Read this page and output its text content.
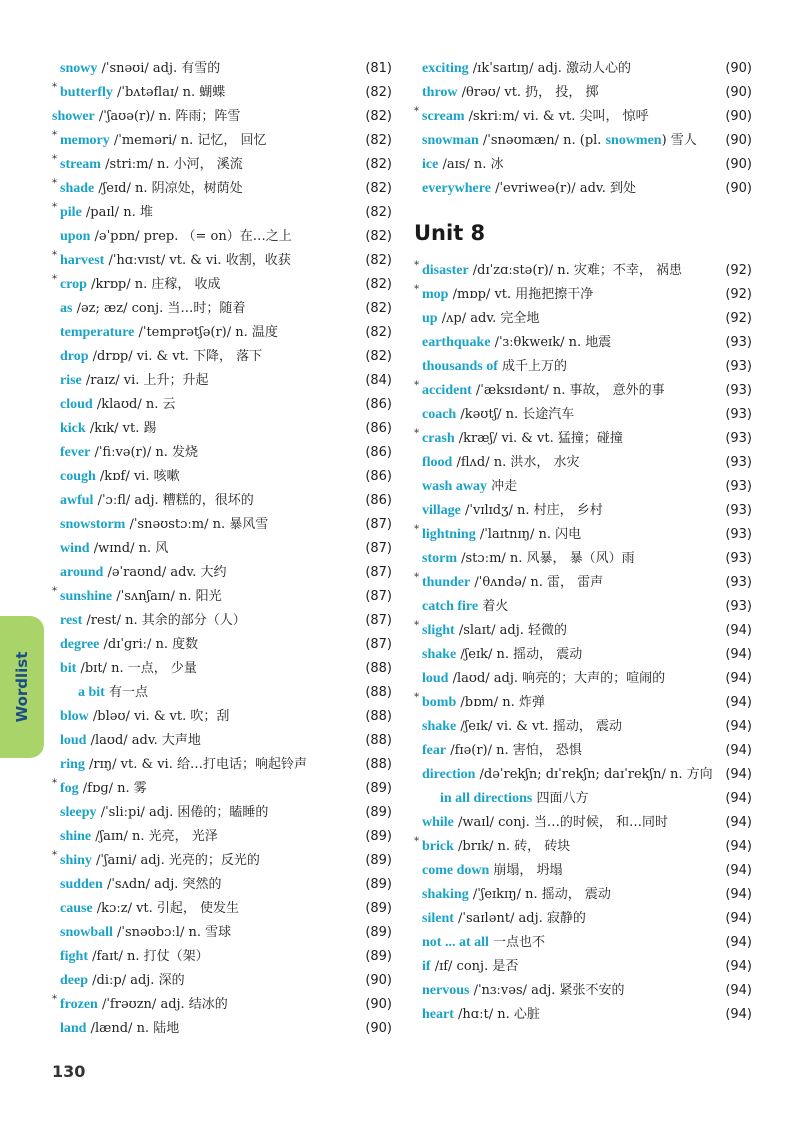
snowy /ˈsnəʊi/ adj. 有雪的	(81)
* butterfly /ˈbʌtəflaɪ/ n. 蝴蝶	(82)
shower /ˈʃaʊə(r)/ n. 阵雨；阵雪	(82)
* memory /ˈmeməri/ n. 记忆， 回忆	(82)
* stream /striːm/ n. 小河， 溪流	(82)
* shade /ʃeɪd/ n. 阴凉处，树荫处	(82)
* pile /paɪl/ n. 堆	(82)
upon /əˈpɒn/ prep. （= on）在…之上	(82)
* harvest /ˈhɑːvɪst/ vt. & vi. 收割，收获	(82)
* crop /krɒp/ n. 庄稼， 收成	(82)
as /əz; æz/ conj. 当…时；随着	(82)
temperature /ˈtemprətʃə(r)/ n. 温度	(82)
drop /drɒp/ vi. & vt. 下降， 落下	(82)
rise /raɪz/ vi. 上升；升起	(84)
cloud /klaʊd/ n. 云	(86)
kick /kɪk/ vt. 踢	(86)
fever /ˈfiːvə(r)/ n. 发烧	(86)
cough /kɒf/ vi. 咳嗽	(86)
awful /ˈɔːfl/ adj. 糟糕的，很坏的	(86)
snowstorm /ˈsnəʊstɔːm/ n. 暴风雪	(87)
wind /wɪnd/ n. 风	(87)
around /əˈraʊnd/ adv. 大约	(87)
* sunshine /ˈsʌnʃaɪn/ n. 阳光	(87)
rest /rest/ n. 其余的部分（人）	(87)
degree /dɪˈɡriː/ n. 度数	(87)
bit /bɪt/ n. 一点， 少量	(88)
a bit 有一点	(88)
blow /bləʊ/ vi. & vt. 吹；刮	(88)
loud /laʊd/ adv. 大声地	(88)
ring /rɪŋ/ vt. & vi. 给…打电话；响起铃声	(88)
* fog /fɒɡ/ n. 雾	(89)
sleepy /ˈsliːpi/ adj. 困倦的；瞌睡的	(89)
shine /ʃaɪn/ n. 光亮， 光泽	(89)
* shiny /ˈʃaɪni/ adj. 光亮的；反光的	(89)
sudden /ˈsʌdn/ adj. 突然的	(89)
cause /kɔːz/ vt. 引起， 使发生	(89)
snowball /ˈsnəʊbɔːl/ n. 雪球	(89)
fight /faɪt/ n. 打仗（架）	(89)
deep /diːp/ adj. 深的	(90)
* frozen /ˈfrəʊzn/ adj. 结冰的	(90)
land /lænd/ n. 陆地	(90)
exciting /ɪkˈsaɪtɪŋ/ adj. 激动人心的	(90)
throw /θrəʊ/ vt. 扔， 投， 掷	(90)
* scream /skriːm/ vi. & vt. 尖叫， 惊呼	(90)
snowman /ˈsnəʊmæn/ n. (pl. snowmen) 雪人 (90)
ice /aɪs/ n. 冰	(90)
everywhere /ˈevriweə(r)/ adv. 到处	(90)
Unit 8
* disaster /dɪˈzɑːstə(r)/ n. 灾难；不幸， 祸患	(92)
* mop /mɒp/ vt. 用拖把擦干净	(92)
up /ʌp/ adv. 完全地	(92)
earthquake /ˈɜːθkweɪk/ n. 地震	(93)
thousands of 成千上万的	(93)
* accident /ˈæksɪdənt/ n. 事故， 意外的事	(93)
coach /kəʊtʃ/ n. 长途汽车	(93)
* crash /kræʃ/ vi. & vt. 猛撞；碰撞	(93)
flood /flʌd/ n. 洪水， 水灾	(93)
wash away 冲走	(93)
village /ˈvɪlɪdʒ/ n. 村庄， 乡村	(93)
* lightning /ˈlaɪtnɪŋ/ n. 闪电	(93)
storm /stɔːm/ n. 风暴， 暴（风）雨	(93)
* thunder /ˈθʌndə/ n. 雷， 雷声	(93)
catch fire 着火	(93)
* slight /slaɪt/ adj. 轻微的	(94)
shake /ʃeɪk/ n. 摇动， 震动	(94)
loud /laʊd/ adj. 响亮的；大声的；喧闹的	(94)
* bomb /bɒm/ n. 炸弹	(94)
shake /ʃeɪk/ vi. & vt. 摇动， 震动	(94)
fear /fɪə(r)/ n. 害怕， 恐惧	(94)
direction /dəˈrekʃn; dɪˈrekʃn; daɪˈrekʃn/ n. 方向 (94)
in all directions 四面八方	(94)
while /waɪl/ conj. 当…的时候， 和…同时	(94)
* brick /brɪk/ n. 砖， 砖块	(94)
come down 崩塌， 坍塌	(94)
shaking /ˈʃeɪkɪŋ/ n. 摇动， 震动	(94)
silent /ˈsaɪlənt/ adj. 寂静的	(94)
not ... at all 一点也不	(94)
if /ɪf/ conj. 是否	(94)
nervous /ˈnɜːvəs/ adj. 紧张不安的	(94)
heart /hɑːt/ n. 心脏	(94)
Wordlist
130
